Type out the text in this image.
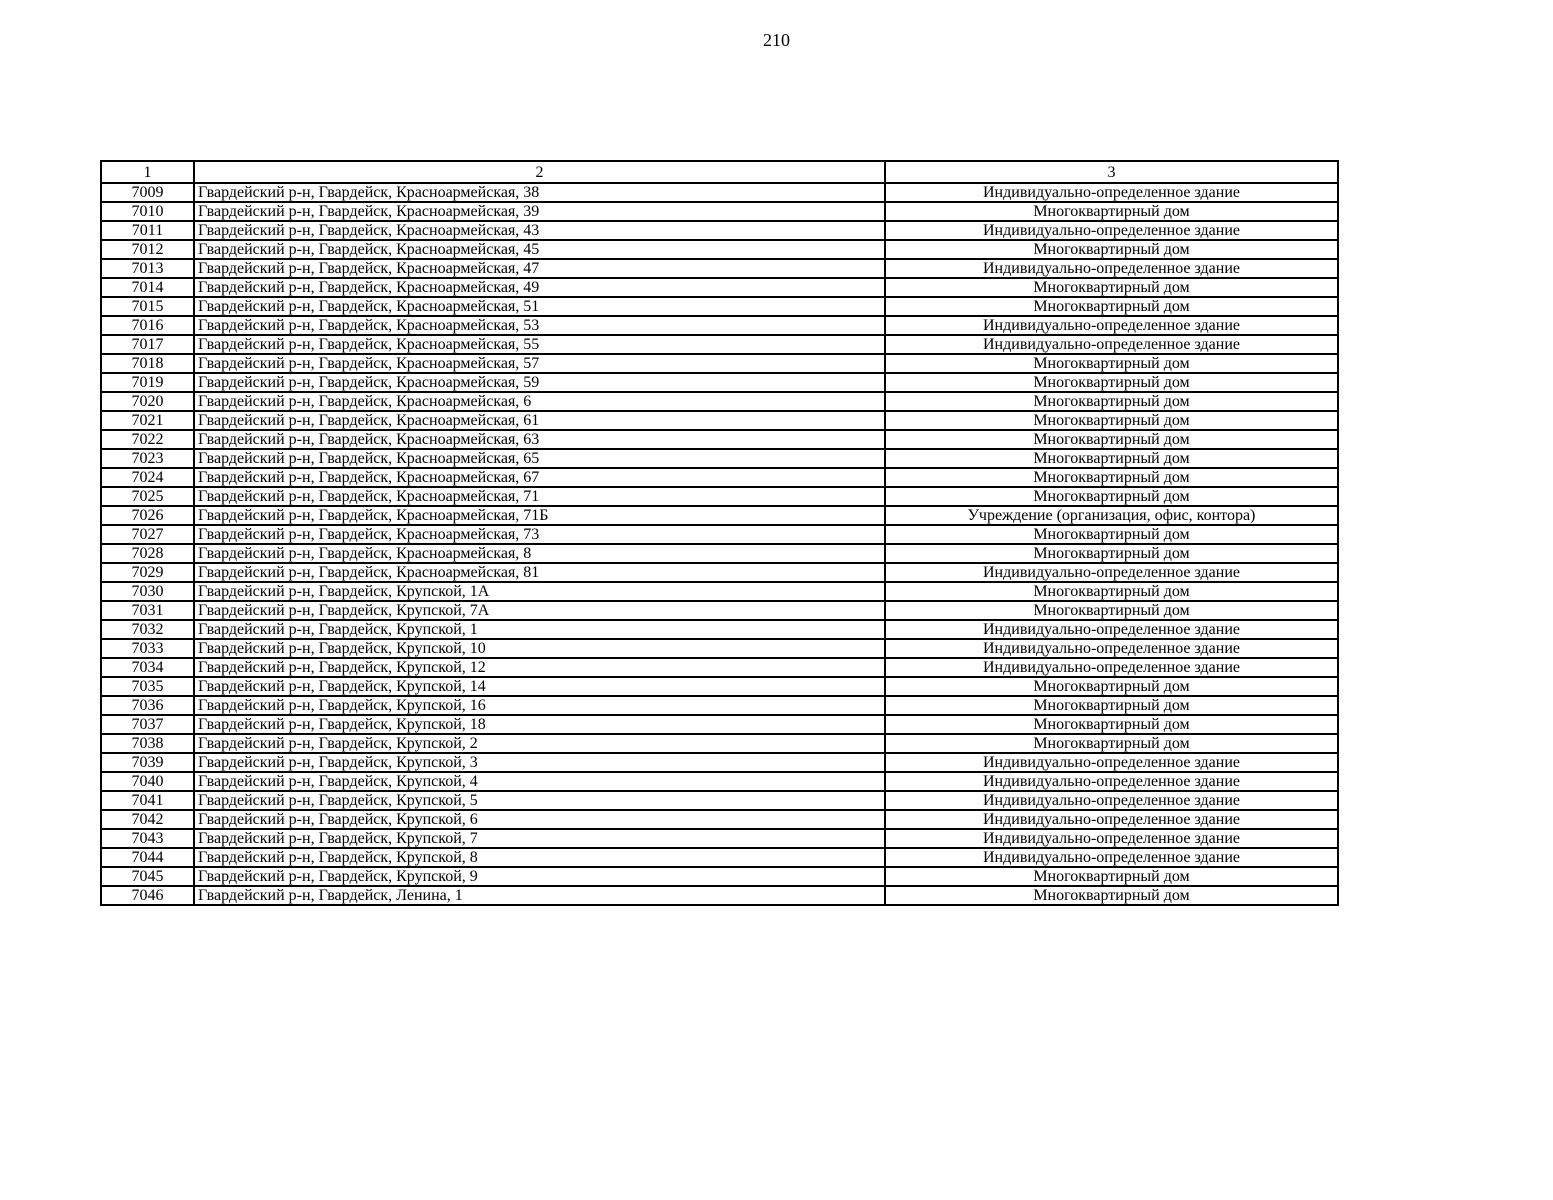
210
1	2	3
7009	Гвардейский р-н, Гвардейск, Красноармейская, 38	Индивидуально-определенное здание
7010	Гвардейский р-н, Гвардейск, Красноармейская, 39	Многоквартирный дом
7011	Гвардейский р-н, Гвардейск, Красноармейская, 43	Индивидуально-определенное здание
7012	Гвардейский р-н, Гвардейск, Красноармейская, 45	Многоквартирный дом
7013	Гвардейский р-н, Гвардейск, Красноармейская, 47	Индивидуально-определенное здание
7014	Гвардейский р-н, Гвардейск, Красноармейская, 49	Многоквартирный дом
7015	Гвардейский р-н, Гвардейск, Красноармейская, 51	Многоквартирный дом
7016	Гвардейский р-н, Гвардейск, Красноармейская, 53	Индивидуально-определенное здание
7017	Гвардейский р-н, Гвардейск, Красноармейская, 55	Индивидуально-определенное здание
7018	Гвардейский р-н, Гвардейск, Красноармейская, 57	Многоквартирный дом
7019	Гвардейский р-н, Гвардейск, Красноармейская, 59	Многоквартирный дом
7020	Гвардейский р-н, Гвардейск, Красноармейская, 6	Многоквартирный дом
7021	Гвардейский р-н, Гвардейск, Красноармейская, 61	Многоквартирный дом
7022	Гвардейский р-н, Гвардейск, Красноармейская, 63	Многоквартирный дом
7023	Гвардейский р-н, Гвардейск, Красноармейская, 65	Многоквартирный дом
7024	Гвардейский р-н, Гвардейск, Красноармейская, 67	Многоквартирный дом
7025	Гвардейский р-н, Гвардейск, Красноармейская, 71	Многоквартирный дом
7026	Гвардейский р-н, Гвардейск, Красноармейская, 71Б	Учреждение (организация, офис, контора)
7027	Гвардейский р-н, Гвардейск, Красноармейская, 73	Многоквартирный дом
7028	Гвардейский р-н, Гвардейск, Красноармейская, 8	Многоквартирный дом
7029	Гвардейский р-н, Гвардейск, Красноармейская, 81	Индивидуально-определенное здание
7030	Гвардейский р-н, Гвардейск, Крупской, 1А	Многоквартирный дом
7031	Гвардейский р-н, Гвардейск, Крупской, 7А	Многоквартирный дом
7032	Гвардейский р-н, Гвардейск, Крупской, 1	Индивидуально-определенное здание
7033	Гвардейский р-н, Гвардейск, Крупской, 10	Индивидуально-определенное здание
7034	Гвардейский р-н, Гвардейск, Крупской, 12	Индивидуально-определенное здание
7035	Гвардейский р-н, Гвардейск, Крупской, 14	Многоквартирный дом
7036	Гвардейский р-н, Гвардейск, Крупской, 16	Многоквартирный дом
7037	Гвардейский р-н, Гвардейск, Крупской, 18	Многоквартирный дом
7038	Гвардейский р-н, Гвардейск, Крупской, 2	Многоквартирный дом
7039	Гвардейский р-н, Гвардейск, Крупской, 3	Индивидуально-определенное здание
7040	Гвардейский р-н, Гвардейск, Крупской, 4	Индивидуально-определенное здание
7041	Гвардейский р-н, Гвардейск, Крупской, 5	Индивидуально-определенное здание
7042	Гвардейский р-н, Гвардейск, Крупской, 6	Индивидуально-определенное здание
7043	Гвардейский р-н, Гвардейск, Крупской, 7	Индивидуально-определенное здание
7044	Гвардейский р-н, Гвардейск, Крупской, 8	Индивидуально-определенное здание
7045	Гвардейский р-н, Гвардейск, Крупской, 9	Многоквартирный дом
7046	Гвардейский р-н, Гвардейск, Ленина, 1	Многоквартирный дом
